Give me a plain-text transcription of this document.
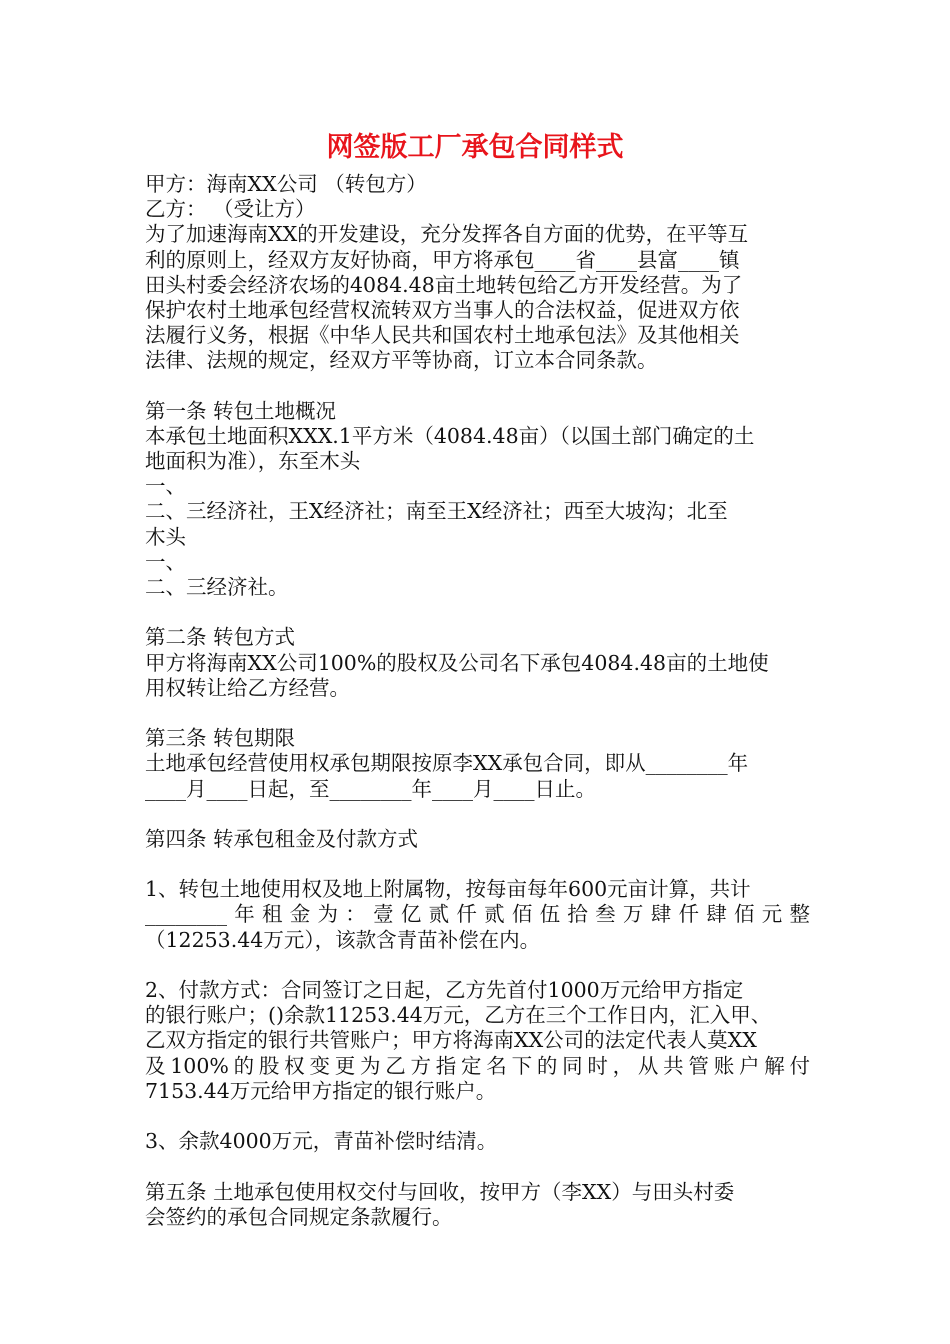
网签版工厂承包合同样式
甲方：海南XX公司 （转包方）
乙方： （受让方）
为了加速海南XX的开发建设，充分发挥各自方面的优势，在平等互
利的原则上，经双方友好协商，甲方将承包____省____县富____镇
田头村委会经济农场的4084.48亩土地转包给乙方开发经营。为了
保护农村土地承包经营权流转双方当事人的合法权益，促进双方依
法履行义务，根据《中华人民共和国农村土地承包法》及其他相关
法律、法规的规定，经双方平等协商，订立本合同条款。
第一条 转包土地概况
本承包土地面积XXX.1平方米（4084.48亩）（以国土部门确定的土
地面积为准），东至木头
一、
二、三经济社，王X经济社；南至王X经济社；西至大坡沟；北至
木头
一、
二、三经济社。
第二条 转包方式
甲方将海南XX公司100%的股权及公司名下承包4084.48亩的土地使
用权转让给乙方经营。
第三条 转包期限
土地承包经营使用权承包期限按原李XX承包合同，即从________年
____月____日起，至________年____月____日止。
第四条 转承包租金及付款方式
1、转包土地使用权及地上附属物，按每亩每年600元亩计算，共计
________年租金为：壹亿贰仟贰佰伍拾叁万肆仟肆佰元整
（12253.44万元），该款含青苗补偿在内。
2、付款方式：合同签订之日起，乙方先首付1000万元给甲方指定
的银行账户；()余款11253.44万元，乙方在三个工作日内，汇入甲、
乙双方指定的银行共管账户；甲方将海南XX公司的法定代表人莫XX
及100%的股权变更为乙方指定名下的同时，从共管账户解付
7153.44万元给甲方指定的银行账户。
3、余款4000万元，青苗补偿时结清。
第五条 土地承包使用权交付与回收，按甲方（李XX）与田头村委
会签约的承包合同规定条款履行。
